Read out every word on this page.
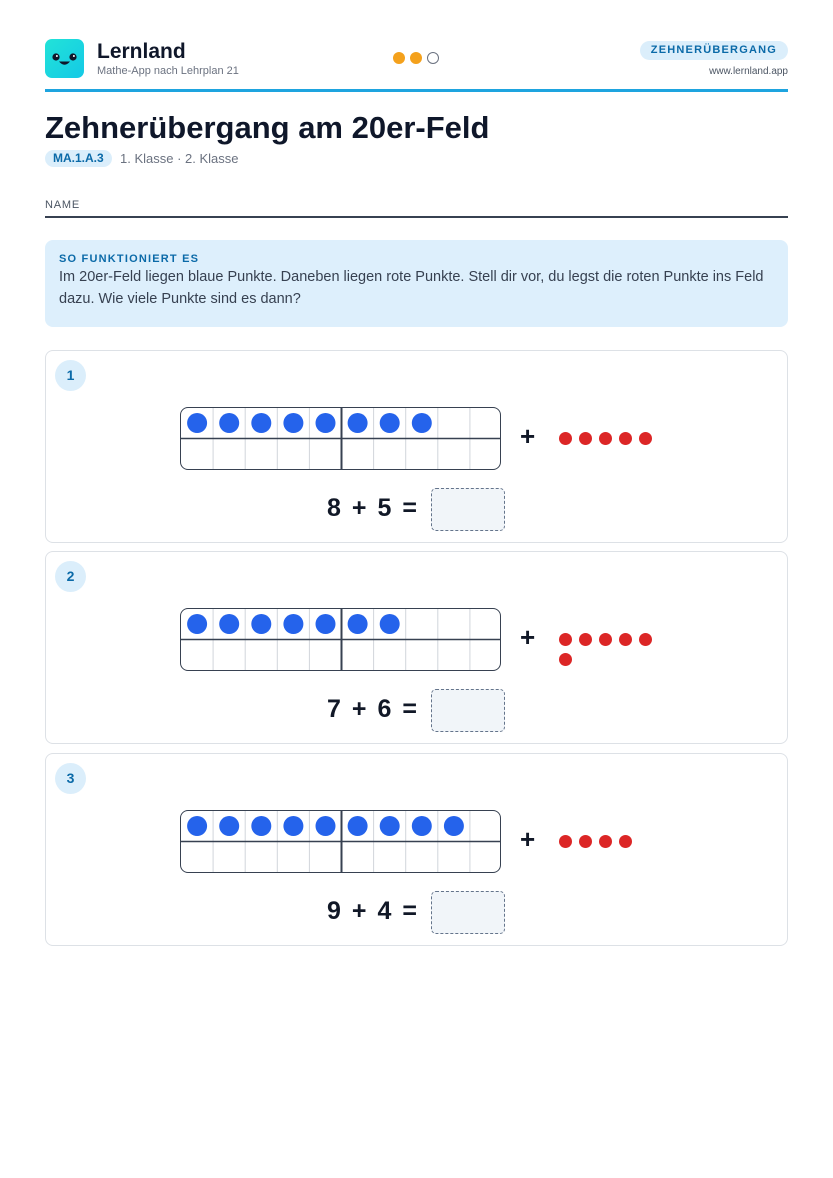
Lernland
Mathe-App nach Lehrplan 21
ZEHNERÜBERGANG
www.lernland.app
Zehnerübergang am 20er-Feld
MA.1.A.3	1. Klasse · 2. Klasse
NAME
SO FUNKTIONIERT ES
Im 20er-Feld liegen blaue Punkte. Daneben liegen rote Punkte. Stell dir vor, du legst die roten Punkte ins Feld dazu. Wie viele Punkte sind es dann?
1
+
8 + 5 =
2
+
7 + 6 =
3
+
9 + 4 =
